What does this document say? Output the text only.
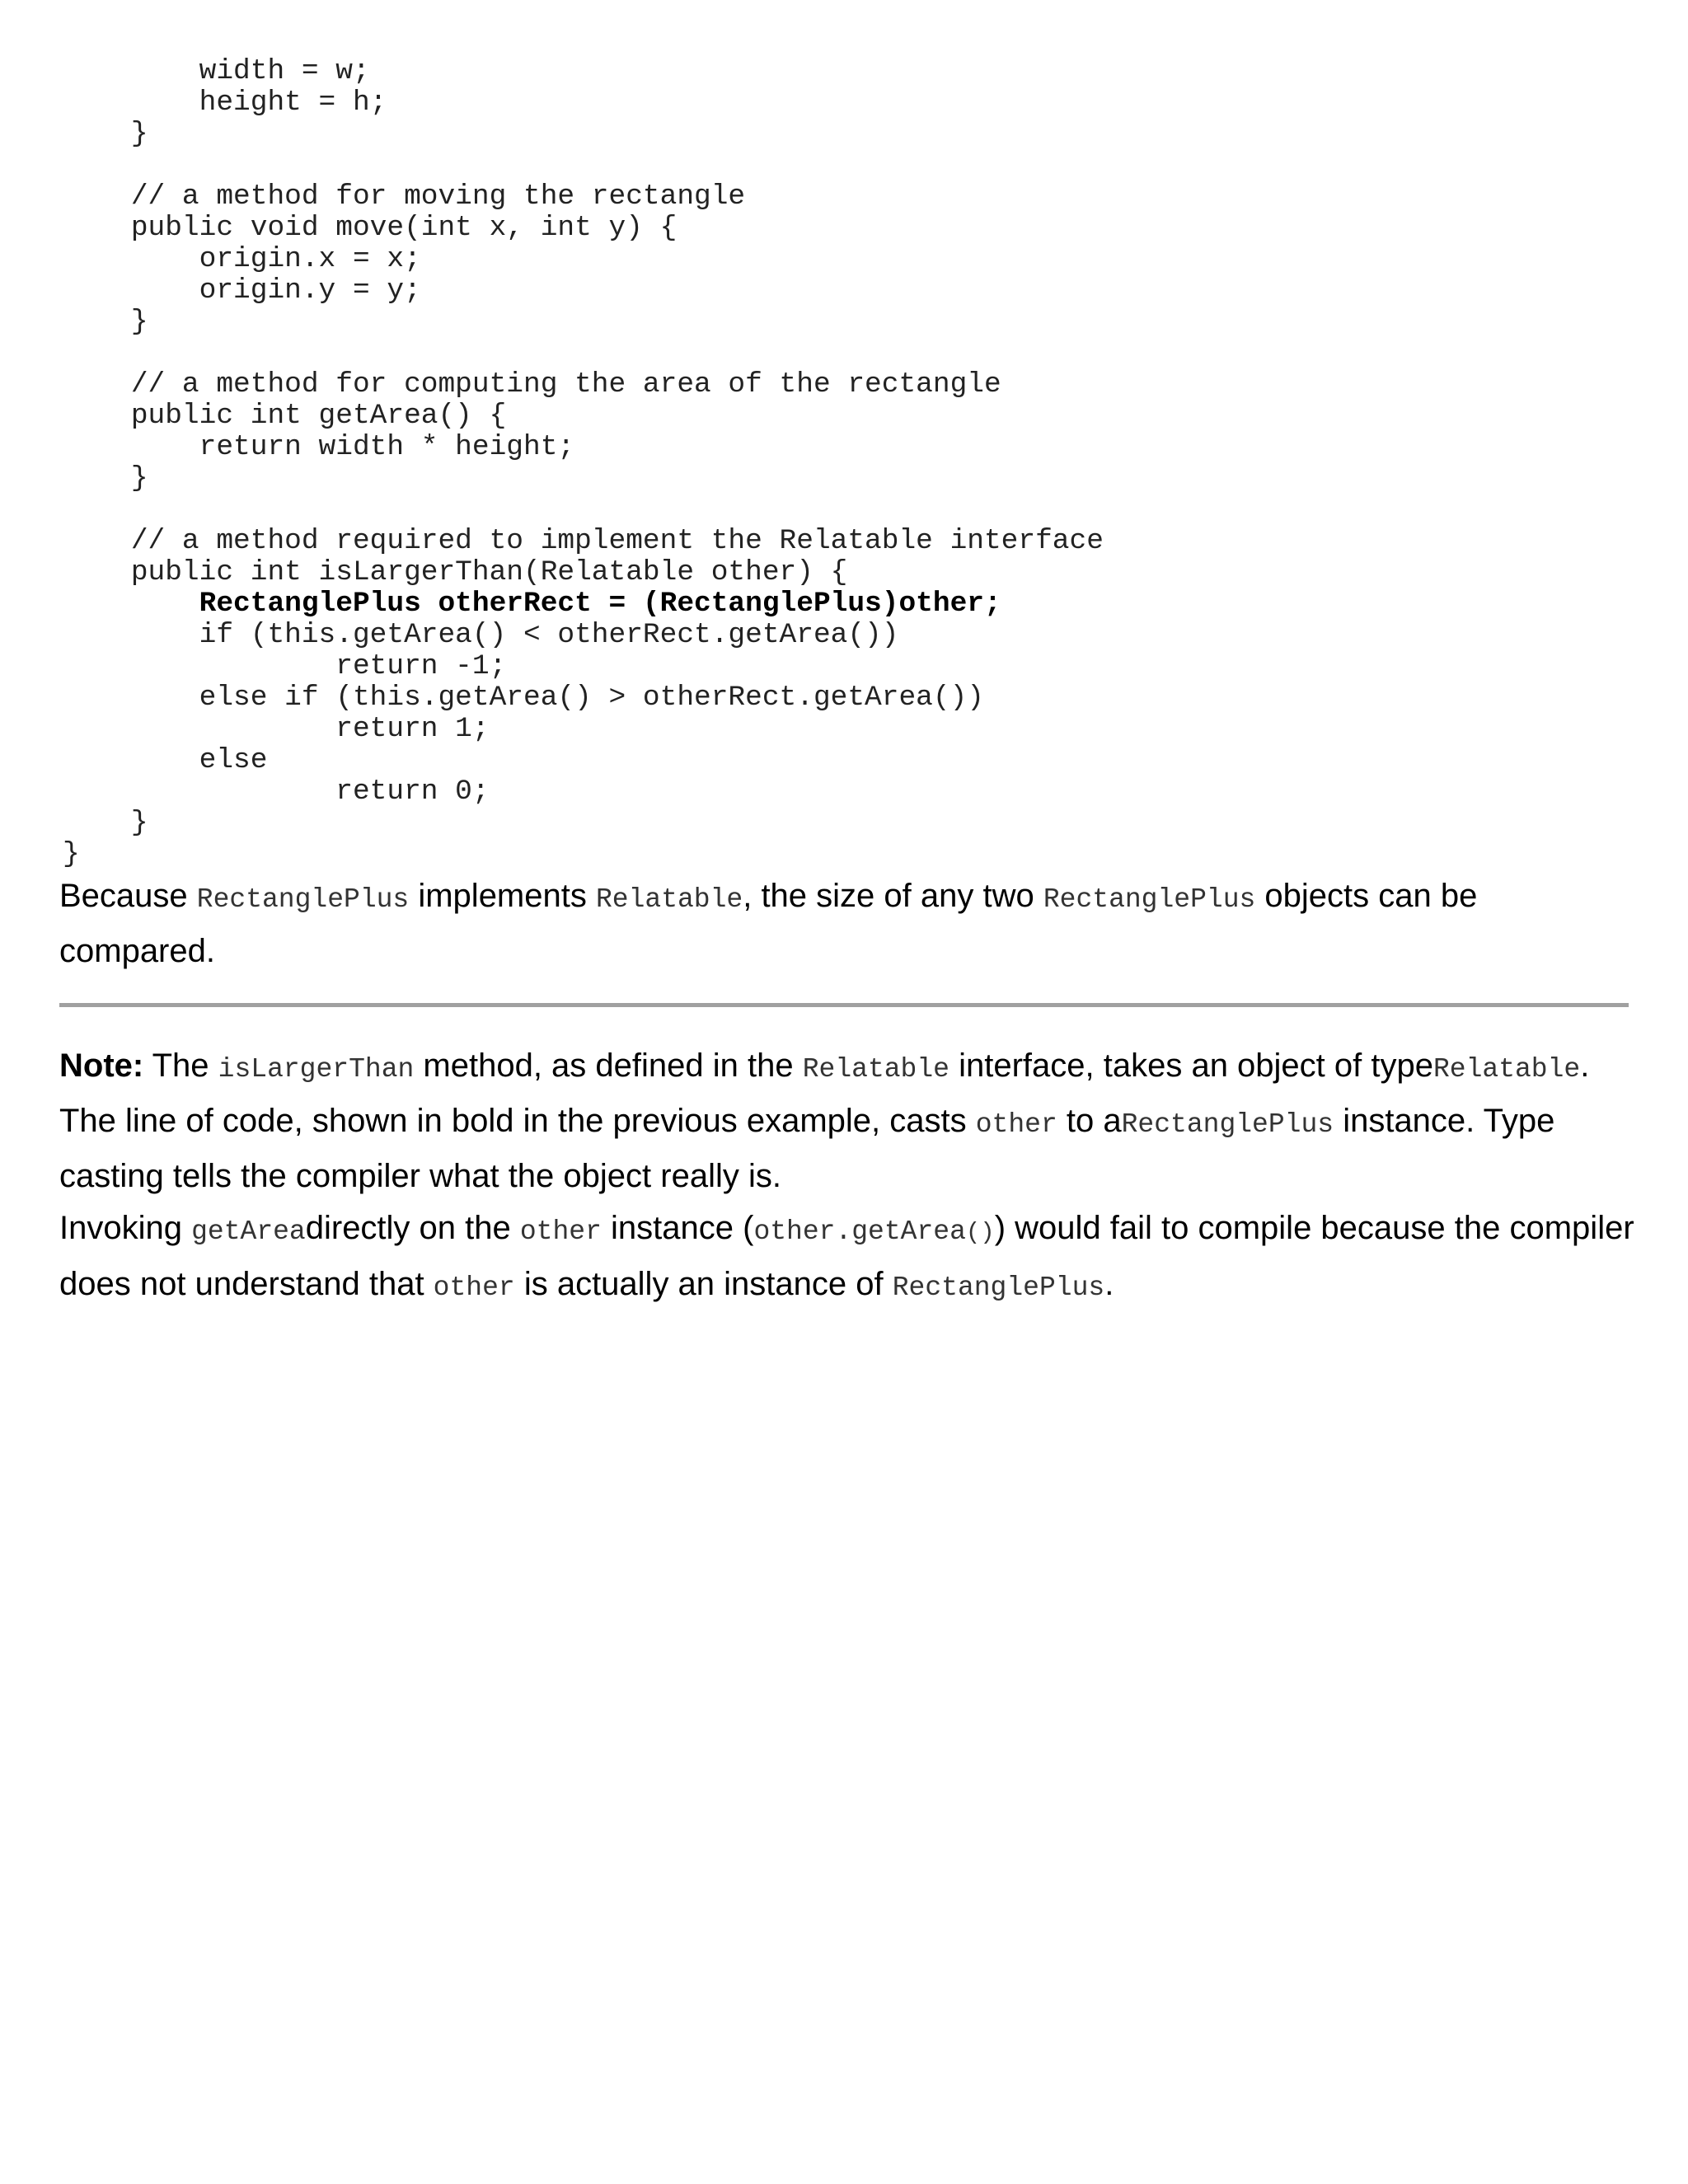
width = w;
height = h;
}
// a method for moving the rectangle
public void move(int x, int y) {
origin.x = x;
origin.y = y;
}
// a method for computing the area of the rectangle
public int getArea() {
return width * height;
}
// a method required to implement the Relatable interface
public int isLargerThan(Relatable other) {
RectanglePlus otherRect = (RectanglePlus)other;
if (this.getArea() < otherRect.getArea())
return -1;
else if (this.getArea() > otherRect.getArea())
return 1;
else
return 0;
}
}

Because RectanglePlus implements Relatable, the size of any two RectanglePlus objects can be compared.

Note: The isLargerThan method, as defined in the Relatable interface, takes an object of typeRelatable. The line of code, shown in bold in the previous example, casts other to aRectanglePlus instance. Type casting tells the compiler what the object really is.
Invoking getAreadirectly on the other instance (other.getArea()) would fail to compile because the compiler does not understand that other is actually an instance of RectanglePlus.
